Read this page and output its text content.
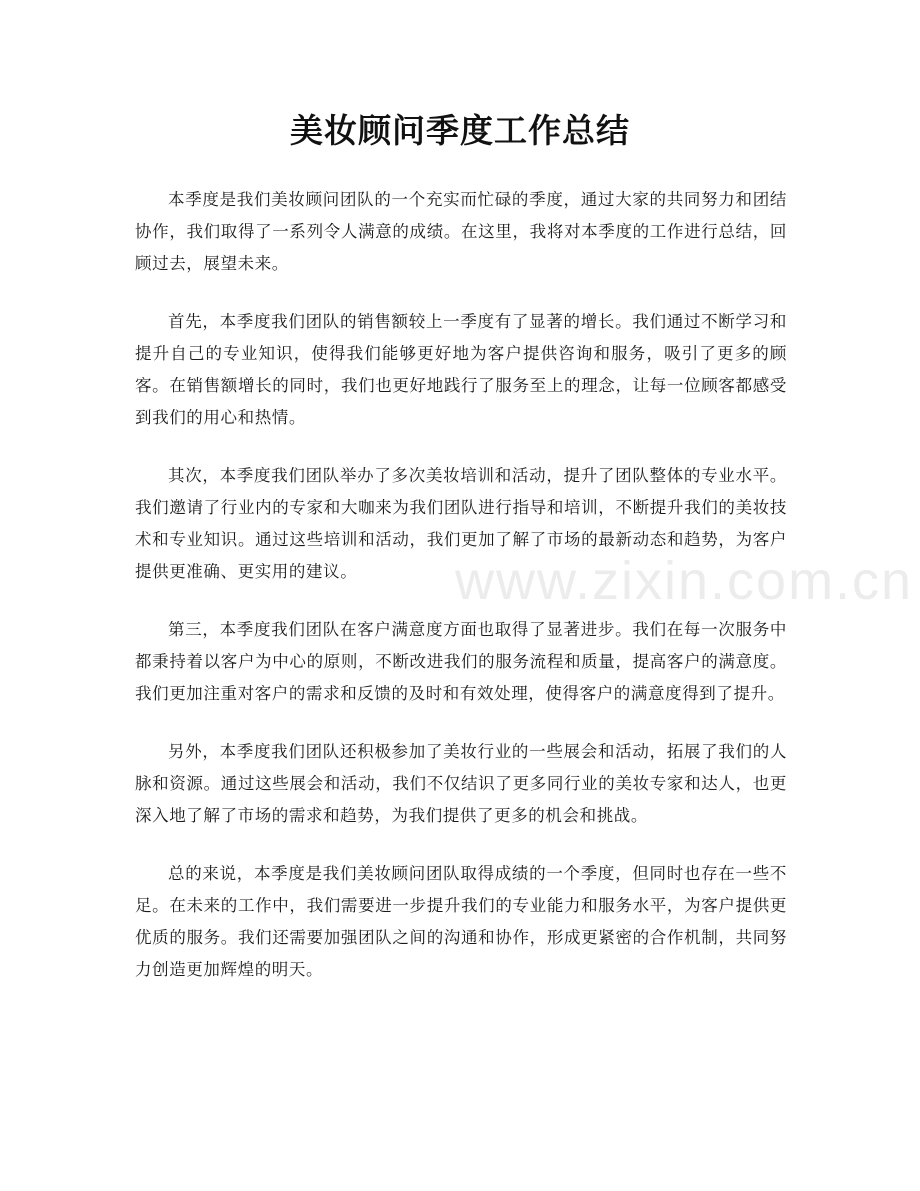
美妆顾问季度工作总结

本季度是我们美妆顾问团队的一个充实而忙碌的季度，通过大家的共同努力和团结协作，我们取得了一系列令人满意的成绩。在这里，我将对本季度的工作进行总结，回顾过去，展望未来。

首先，本季度我们团队的销售额较上一季度有了显著的增长。我们通过不断学习和提升自己的专业知识，使得我们能够更好地为客户提供咨询和服务，吸引了更多的顾客。在销售额增长的同时，我们也更好地践行了服务至上的理念，让每一位顾客都感受到我们的用心和热情。

其次，本季度我们团队举办了多次美妆培训和活动，提升了团队整体的专业水平。我们邀请了行业内的专家和大咖来为我们团队进行指导和培训，不断提升我们的美妆技术和专业知识。通过这些培训和活动，我们更加了解了市场的最新动态和趋势，为客户提供更准确、更实用的建议。

第三，本季度我们团队在客户满意度方面也取得了显著进步。我们在每一次服务中都秉持着以客户为中心的原则，不断改进我们的服务流程和质量，提高客户的满意度。我们更加注重对客户的需求和反馈的及时和有效处理，使得客户的满意度得到了提升。

另外，本季度我们团队还积极参加了美妆行业的一些展会和活动，拓展了我们的人脉和资源。通过这些展会和活动，我们不仅结识了更多同行业的美妆专家和达人，也更深入地了解了市场的需求和趋势，为我们提供了更多的机会和挑战。

总的来说，本季度是我们美妆顾问团队取得成绩的一个季度，但同时也存在一些不足。在未来的工作中，我们需要进一步提升我们的专业能力和服务水平，为客户提供更优质的服务。我们还需要加强团队之间的沟通和协作，形成更紧密的合作机制，共同努力创造更加辉煌的明天。

www.zixin.com.cn
